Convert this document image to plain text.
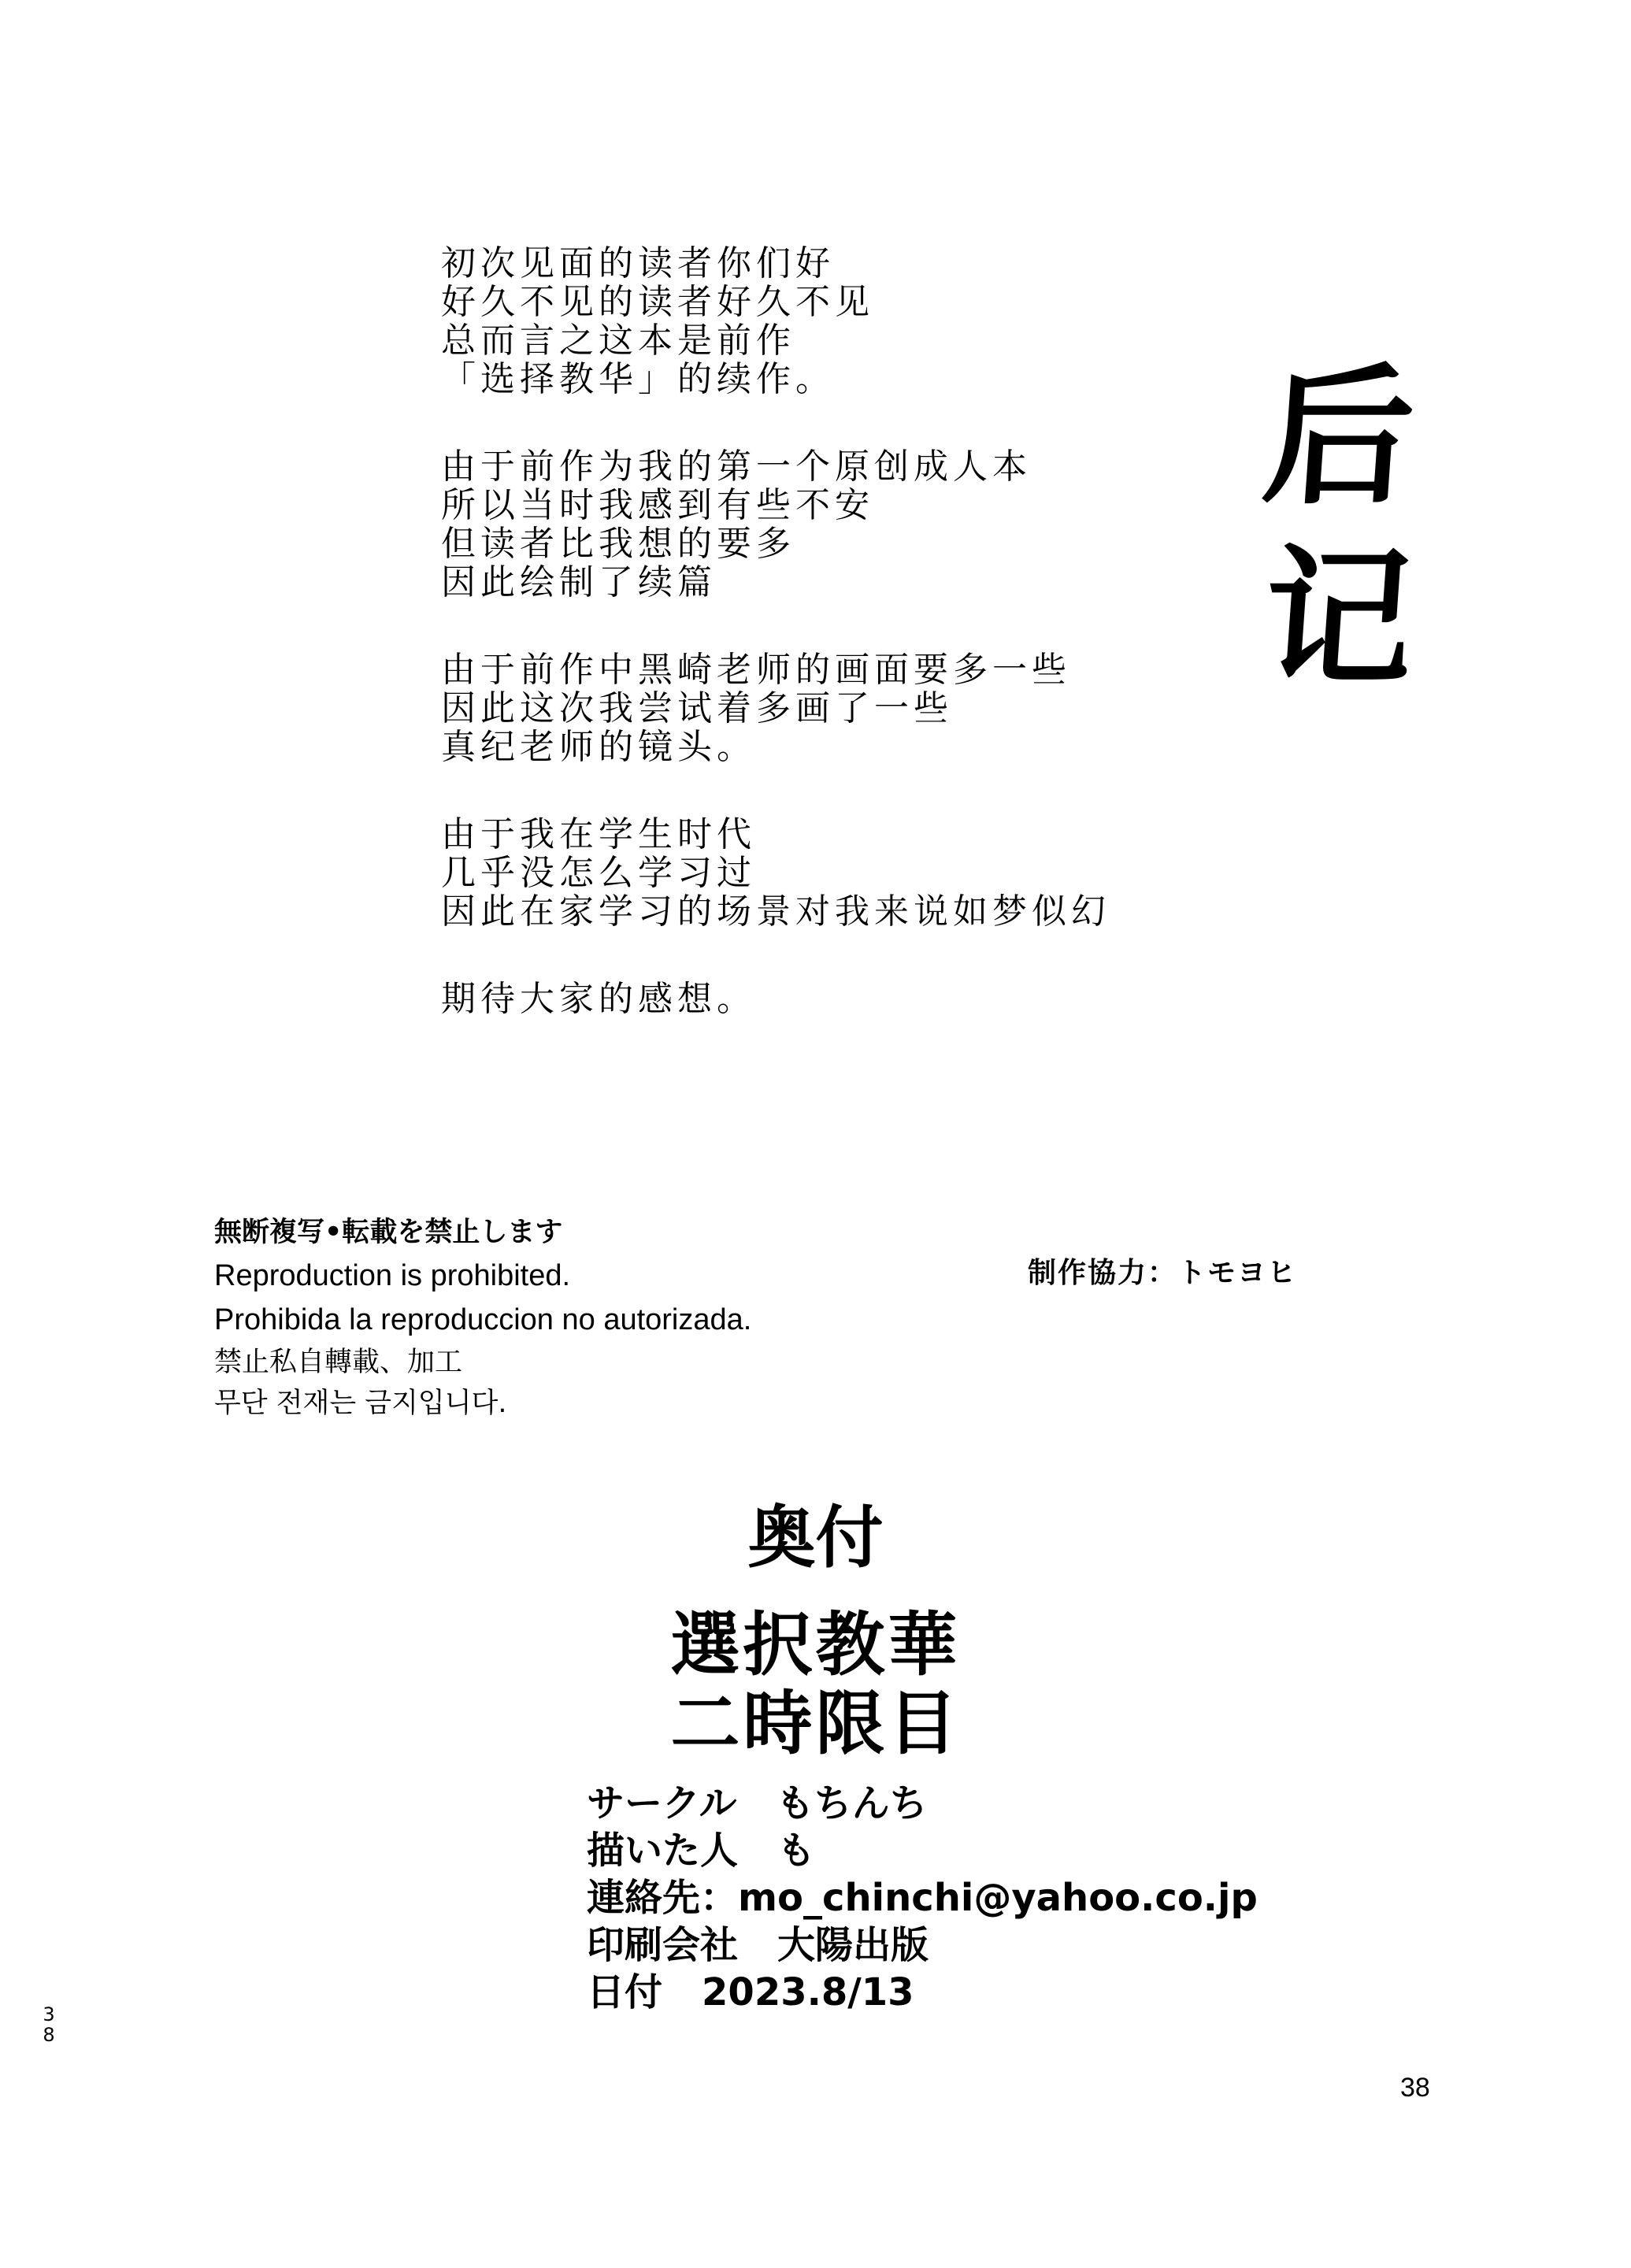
初次见面的读者你们好
好久不见的读者好久不见
总而言之这本是前作
「选择教华」的续作。
由于前作为我的第一个原创成人本
所以当时我感到有些不安
但读者比我想的要多
因此绘制了续篇
由于前作中黑崎老师的画面要多一些
因此这次我尝试着多画了一些
真纪老师的镜头。
由于我在学生时代
几乎没怎么学习过
因此在家学习的场景对我来说如梦似幻
期待大家的感想。
后
记
無断複写•転載を禁止します
Reproduction is prohibited.
Prohibida la reproduccion no autorizada.
禁止私自轉載、加工
무단 전재는 금지입니다.
制作協力：トモヨヒ
奥付
選択教華
二時限目
サークル もちんち
描いた人 も
連絡先：mo_chinchi@yahoo.co.jp
印刷会社 大陽出版
日付 2023.8/13
3
8
38
